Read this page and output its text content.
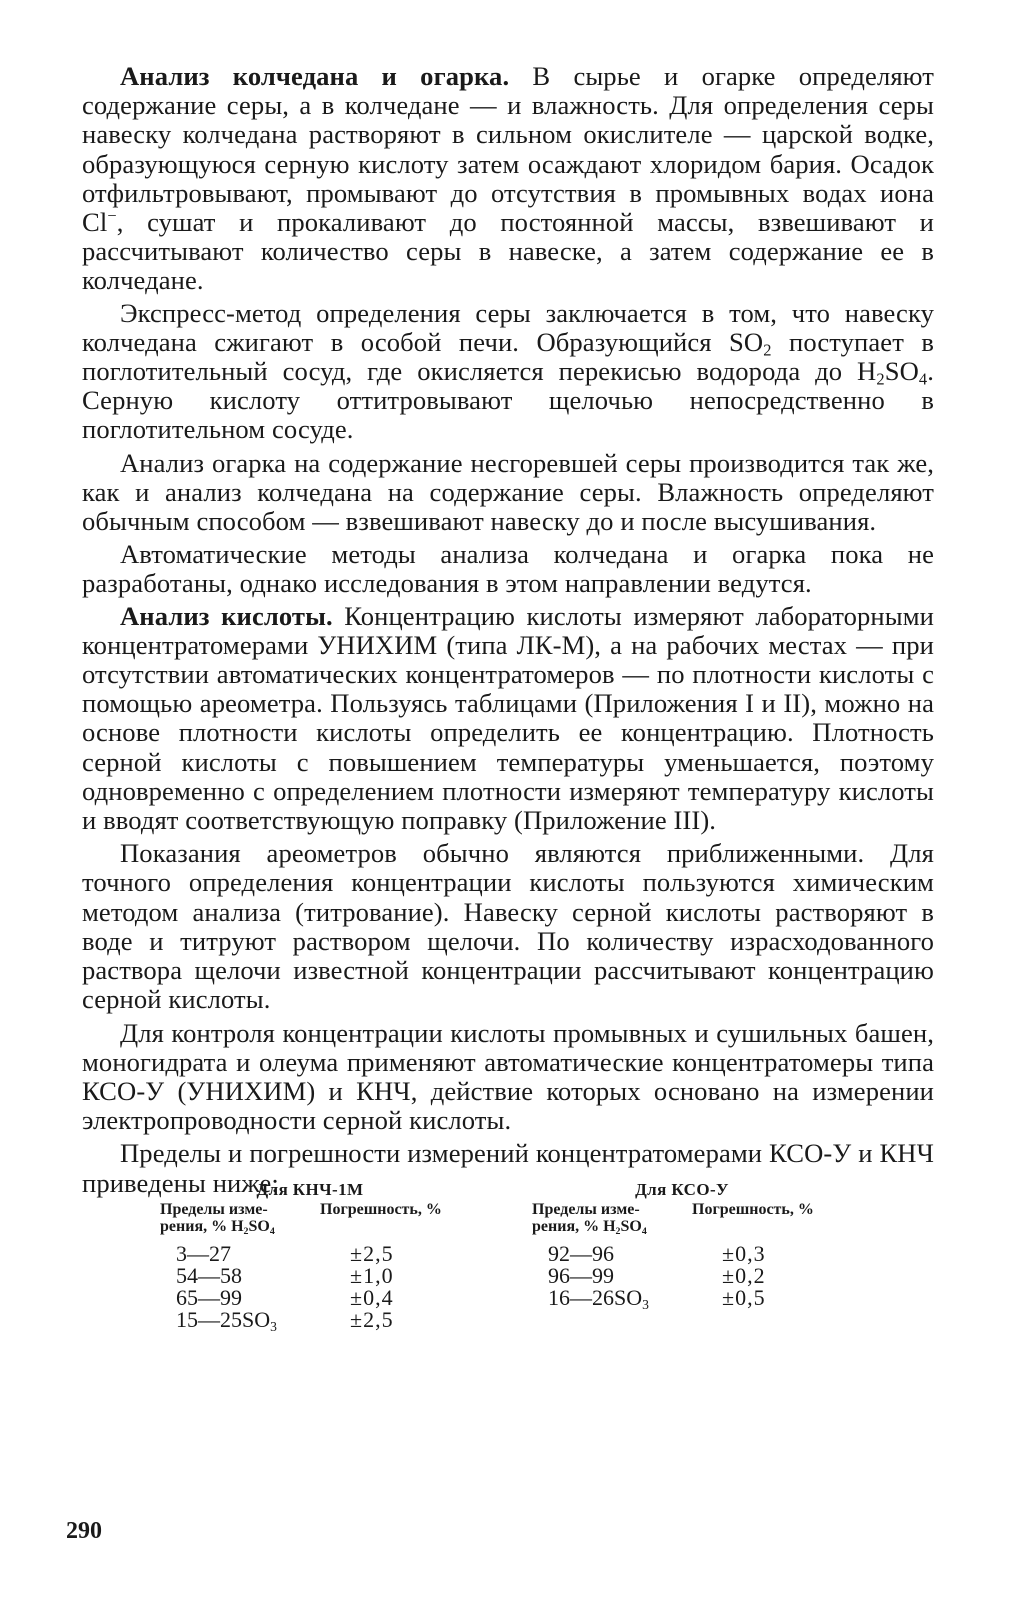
Анализ колчедана и огарка. В сырье и огарке определяют содержание серы, а в колчедане — и влажность. Для определения серы навеску колчедана растворяют в сильном окислителе — царской водке, образующуюся серную кислоту затем осаждают хлоридом бария. Осадок отфильтровывают, промывают до отсутствия в промывных водах иона Cl−, сушат и прокаливают до постоянной массы, взвешивают и рассчитывают количество серы в навеске, а затем содержание ее в колчедане.

Экспресс-метод определения серы заключается в том, что навеску колчедана сжигают в особой печи. Образующийся $SO_2$ поступает в поглотительный сосуд, где окисляется перекисью водорода до $H_2SO_4$. Серную кислоту оттитровывают щелочью непосредственно в поглотительном сосуде.

Анализ огарка на содержание несгоревшей серы производится так же, как и анализ колчедана на содержание серы. Влажность определяют обычным способом — взвешивают навеску до и после высушивания.

Автоматические методы анализа колчедана и огарка пока не разработаны, однако исследования в этом направлении ведутся.

Анализ кислоты. Концентрацию кислоты измеряют лабораторными концентратомерами УНИХИМ (типа ЛК-М), а на рабочих местах — при отсутствии автоматических концентратомеров — по плотности кислоты с помощью ареометра. Пользуясь таблицами (Приложения I и II), можно на основе плотности кислоты определить ее концентрацию. Плотность серной кислоты с повышением температуры уменьшается, поэтому одновременно с определением плотности измеряют температуру кислоты и вводят соответствующую поправку (Приложение III).

Показания ареометров обычно являются приближенными. Для точного определения концентрации кислоты пользуются химическим методом анализа (титрование). Навеску серной кислоты растворяют в воде и титруют раствором щелочи. По количеству израсходованного раствора щелочи известной концентрации рассчитывают концентрацию серной кислоты.

Для контроля концентрации кислоты промывных и сушильных башен, моногидрата и олеума применяют автоматические концентратомеры типа КСО-У (УНИХИМ) и КНЧ, действие которых основано на измерении электропроводности серной кислоты.

Пределы и погрешности измерений концентратомерами КСО-У и КНЧ приведены ниже:

Для КНЧ-1М
Пределы изме-
рения, % $H_2SO_4$
Погрешность, %
3—27	±2,5
54—58	±1,0
65—99	±0,4
$15—25SO_3$	±2,5
Для КСО-У
Пределы изме-
рения, % $H_2SO_4$
Погрешность, %
92—96	±0,3
96—99	±0,2
$16—26SO_3$	±0,5
290
